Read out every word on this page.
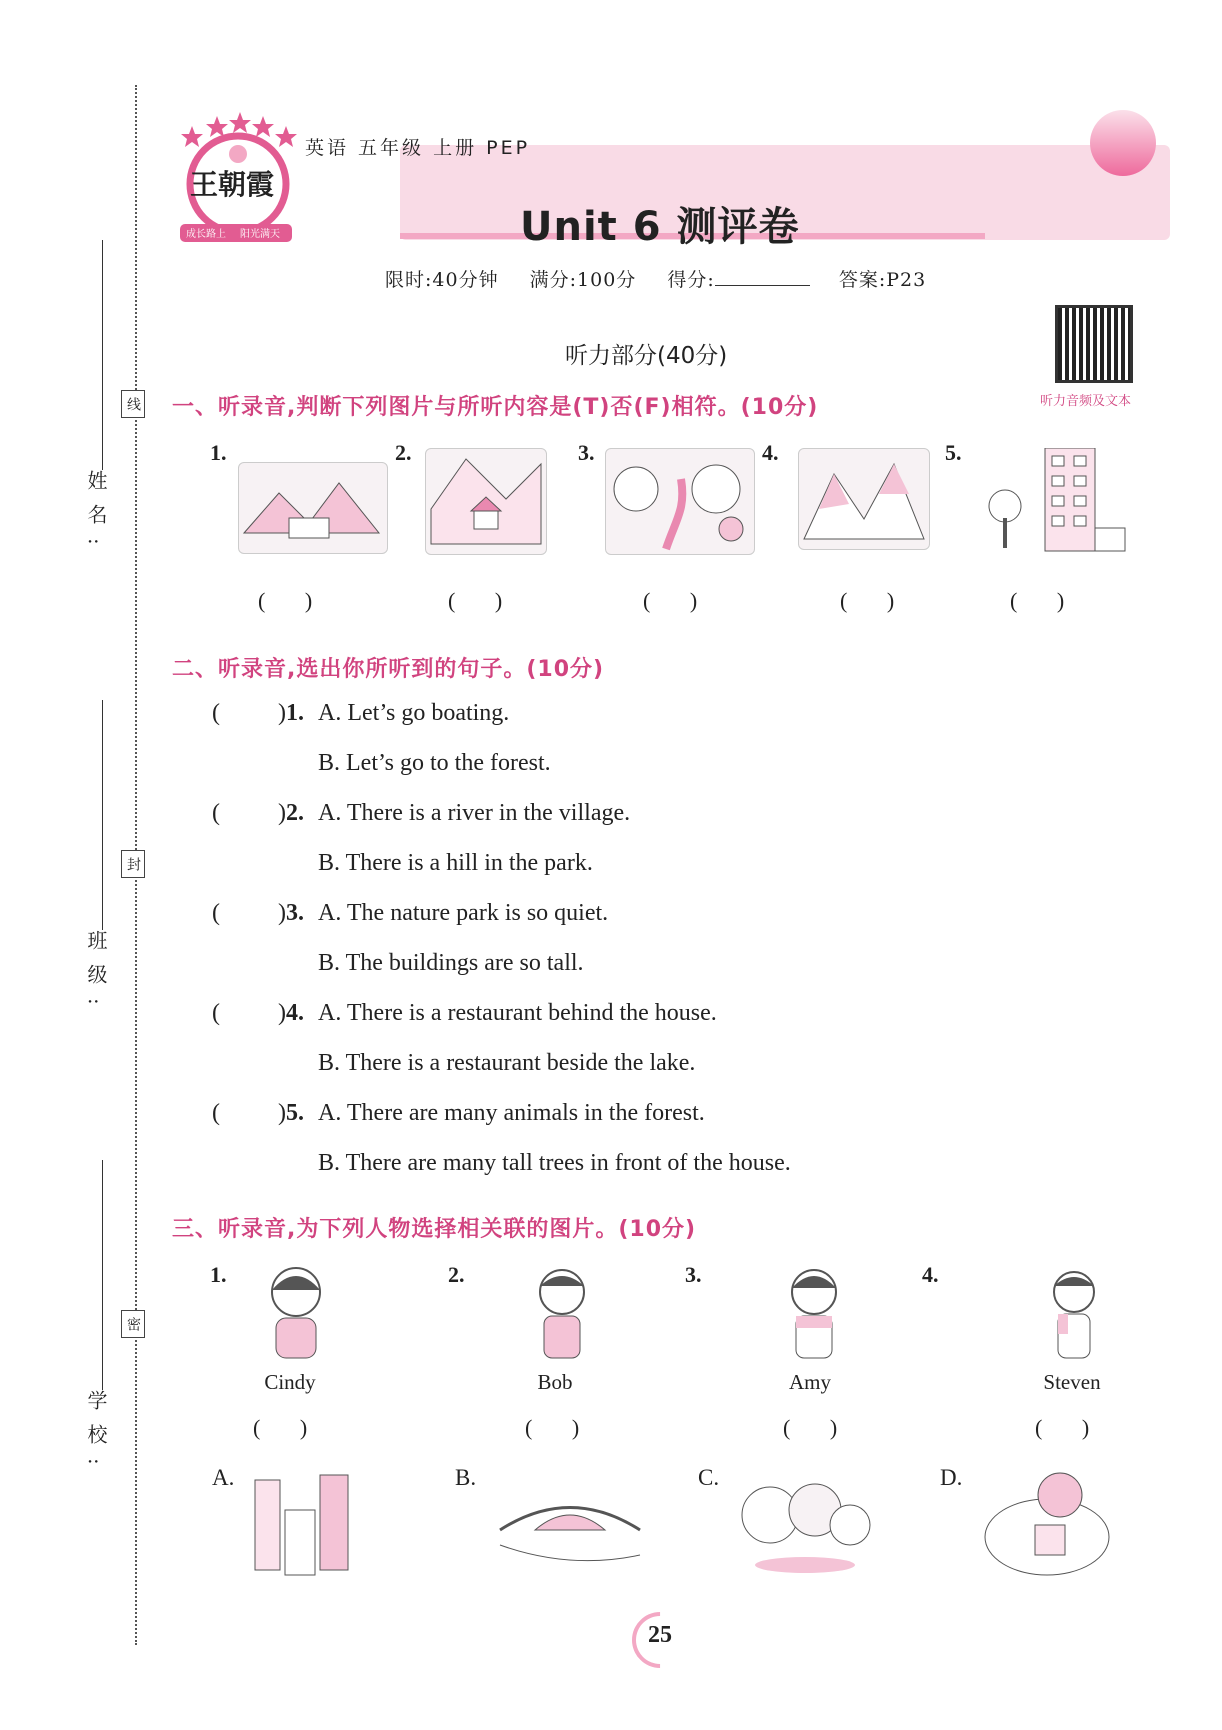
线
封
密
姓名:
班级:
学校:
王朝霞
成长路上 阳光满天
英语 五年级 上册 PEP
Unit 6 测评卷
限时:40分钟 满分:100分 得分:	答案:P23
听力音频及文本
听力部分(40分)
一、听录音,判断下列图片与所听内容是(T)否(F)相符。(10分)
1.	2.	3.	4.	5.
( )	( )	( )	( )	( )
二、听录音,选出你所听到的句子。(10分)
( )1. A. Let’s go boating.
B. Let’s go to the forest.
( )2. A. There is a river in the village.
B. There is a hill in the park.
( )3. A. The nature park is so quiet.
B. The buildings are so tall.
( )4. A. There is a restaurant behind the house.
B. There is a restaurant beside the lake.
( )5. A. There are many animals in the forest.
B. There are many tall trees in front of the house.
三、听录音,为下列人物选择相关联的图片。(10分)
1.	2.	3.	4.
Cindy	Bob	Amy	Steven
( )	( )	( )	( )
A.	B.	C.	D.
25
